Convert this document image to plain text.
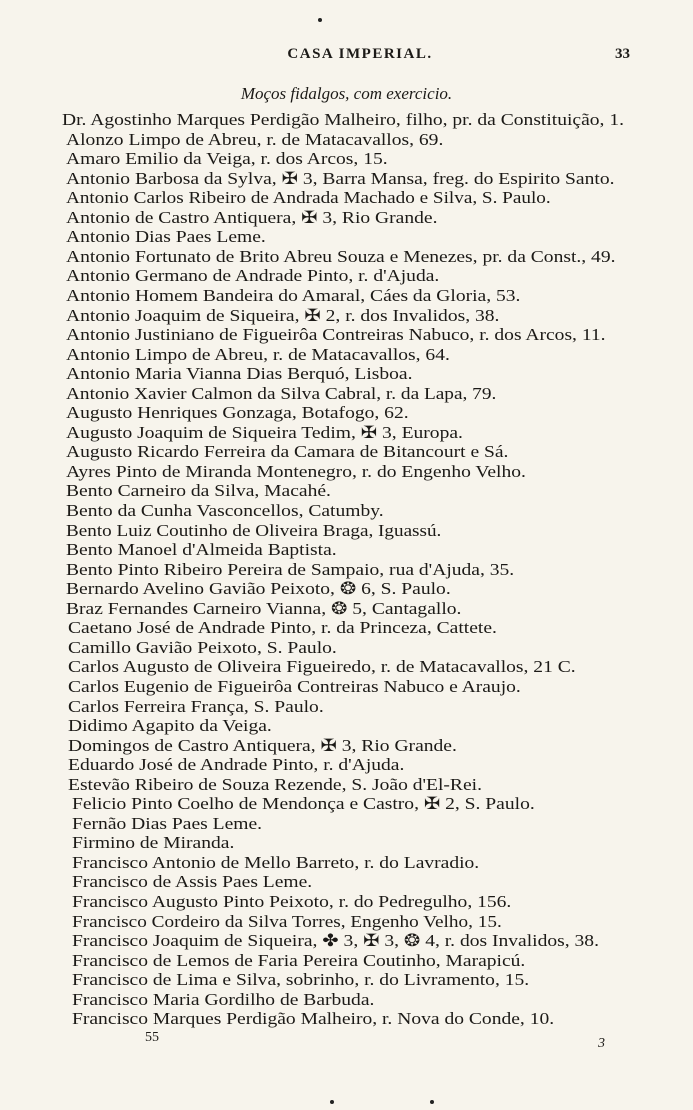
CASA IMPERIAL.	33
Moços fidalgos, com exercicio.
Dr. Agostinho Marques Perdigão Malheiro, filho, pr. da Constituição, 1.
Alonzo Limpo de Abreu, r. de Matacavallos, 69.
Amaro Emilio da Veiga, r. dos Arcos, 15.
Antonio Barbosa da Sylva, ✠ 3, Barra Mansa, freg. do Espirito Santo.
Antonio Carlos Ribeiro de Andrada Machado e Silva, S. Paulo.
Antonio de Castro Antiquera, ✠ 3, Rio Grande.
Antonio Dias Paes Leme.
Antonio Fortunato de Brito Abreu Souza e Menezes, pr. da Const., 49.
Antonio Germano de Andrade Pinto, r. d'Ajuda.
Antonio Homem Bandeira do Amaral, Cáes da Gloria, 53.
Antonio Joaquim de Siqueira, ✠ 2, r. dos Invalidos, 38.
Antonio Justiniano de Figueirôa Contreiras Nabuco, r. dos Arcos, 11.
Antonio Limpo de Abreu, r. de Matacavallos, 64.
Antonio Maria Vianna Dias Berquó, Lisboa.
Antonio Xavier Calmon da Silva Cabral, r. da Lapa, 79.
Augusto Henriques Gonzaga, Botafogo, 62.
Augusto Joaquim de Siqueira Tedim, ✠ 3, Europa.
Augusto Ricardo Ferreira da Camara de Bitancourt e Sá.
Ayres Pinto de Miranda Montenegro, r. do Engenho Velho.
Bento Carneiro da Silva, Macahé.
Bento da Cunha Vasconcellos, Catumby.
Bento Luiz Coutinho de Oliveira Braga, Iguassú.
Bento Manoel d'Almeida Baptista.
Bento Pinto Ribeiro Pereira de Sampaio, rua d'Ajuda, 35.
Bernardo Avelino Gavião Peixoto, ❂ 6, S. Paulo.
Braz Fernandes Carneiro Vianna, ❂ 5, Cantagallo.
Caetano José de Andrade Pinto, r. da Princeza, Cattete.
Camillo Gavião Peixoto, S. Paulo.
Carlos Augusto de Oliveira Figueiredo, r. de Matacavallos, 21 C.
Carlos Eugenio de Figueirôa Contreiras Nabuco e Araujo.
Carlos Ferreira França, S. Paulo.
Didimo Agapito da Veiga.
Domingos de Castro Antiquera, ✠ 3, Rio Grande.
Eduardo José de Andrade Pinto, r. d'Ajuda.
Estevão Ribeiro de Souza Rezende, S. João d'El-Rei.
Felicio Pinto Coelho de Mendonça e Castro, ✠ 2, S. Paulo.
Fernão Dias Paes Leme.
Firmino de Miranda.
Francisco Antonio de Mello Barreto, r. do Lavradio.
Francisco de Assis Paes Leme.
Francisco Augusto Pinto Peixoto, r. do Pedregulho, 156.
Francisco Cordeiro da Silva Torres, Engenho Velho, 15.
Francisco Joaquim de Siqueira, ✤ 3, ✠ 3, ❂ 4, r. dos Invalidos, 38.
Francisco de Lemos de Faria Pereira Coutinho, Marapicú.
Francisco de Lima e Silva, sobrinho, r. do Livramento, 15.
Francisco Maria Gordilho de Barbuda.
Francisco Marques Perdigão Malheiro, r. Nova do Conde, 10.
55	3
